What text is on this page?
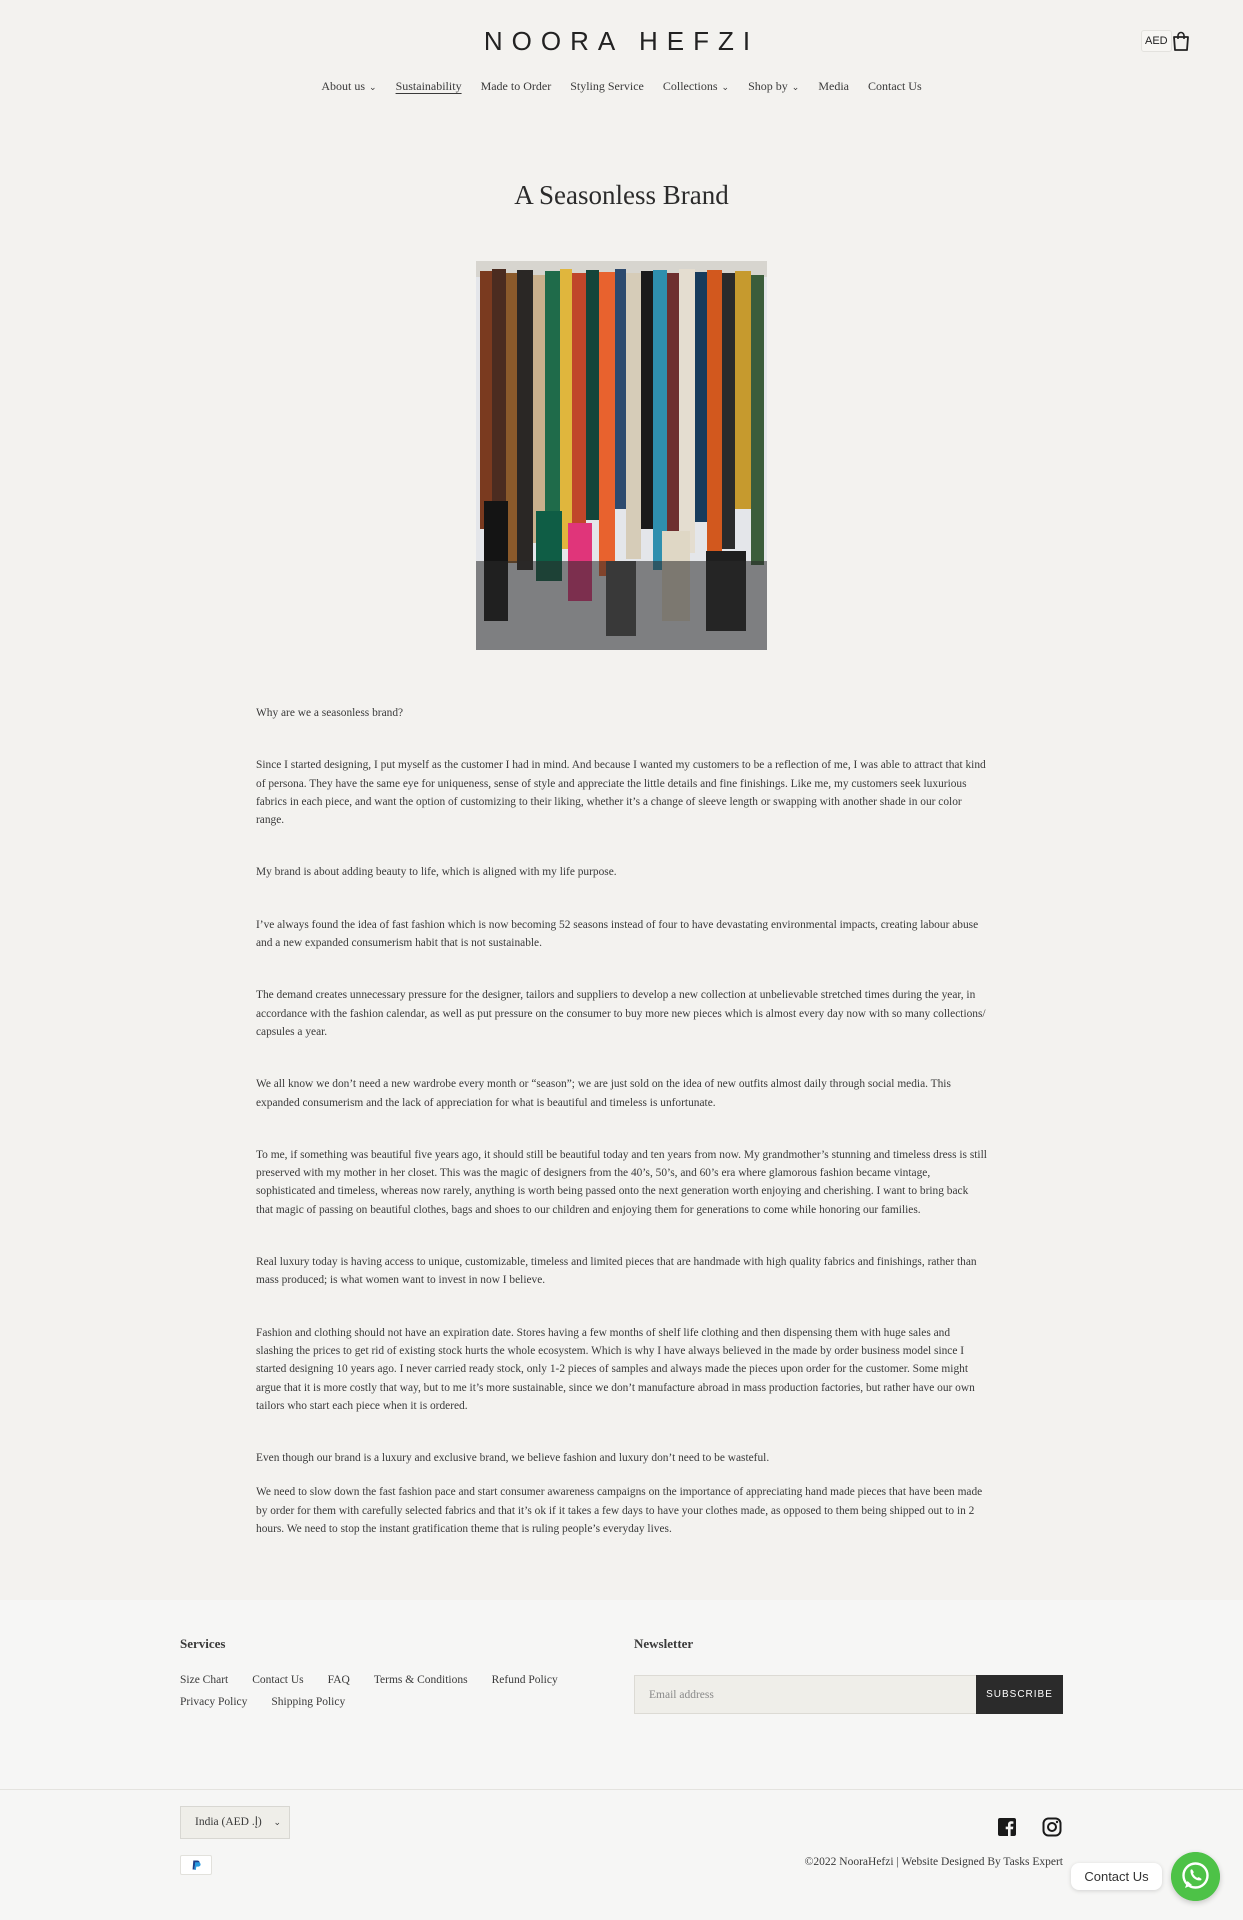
NOORA HEFZI	AED
About us ⌄ Sustainability Made to Order Styling Service Collections ⌄ Shop by ⌄ Media Contact Us
A Seasonless Brand

Why are we a seasonless brand?

Since I started designing, I put myself as the customer I had in mind. And because I wanted my customers to be a reflection of me, I was able to attract that kind of persona. They have the same eye for uniqueness, sense of style and appreciate the little details and fine finishings. Like me, my customers seek luxurious fabrics in each piece, and want the option of customizing to their liking, whether it’s a change of sleeve length or swapping with another shade in our color range.

My brand is about adding beauty to life, which is aligned with my life purpose.

I’ve always found the idea of fast fashion which is now becoming 52 seasons instead of four to have devastating environmental impacts, creating labour abuse and a new expanded consumerism habit that is not sustainable.

The demand creates unnecessary pressure for the designer, tailors and suppliers to develop a new collection at unbelievable stretched times during the year, in accordance with the fashion calendar, as well as put pressure on the consumer to buy more new pieces which is almost every day now with so many collections/ capsules a year.

We all know we don’t need a new wardrobe every month or “season”; we are just sold on the idea of new outfits almost daily through social media. This expanded consumerism and the lack of appreciation for what is beautiful and timeless is unfortunate.

To me, if something was beautiful five years ago, it should still be beautiful today and ten years from now. My grandmother’s stunning and timeless dress is still preserved with my mother in her closet. This was the magic of designers from the 40’s, 50’s, and 60’s era where glamorous fashion became vintage, sophisticated and timeless, whereas now rarely, anything is worth being passed onto the next generation worth enjoying and cherishing. I want to bring back that magic of passing on beautiful clothes, bags and shoes to our children and enjoying them for generations to come while honoring our families.

Real luxury today is having access to unique, customizable, timeless and limited pieces that are handmade with high quality fabrics and finishings, rather than mass produced; is what women want to invest in now I believe.

Fashion and clothing should not have an expiration date. Stores having a few months of shelf life clothing and then dispensing them with huge sales and slashing the prices to get rid of existing stock hurts the whole ecosystem. Which is why I have always believed in the made by order business model since I started designing 10 years ago. I never carried ready stock, only 1-2 pieces of samples and always made the pieces upon order for the customer. Some might argue that it is more costly that way, but to me it’s more sustainable, since we don’t manufacture abroad in mass production factories, but rather have our own tailors who start each piece when it is ordered.

Even though our brand is a luxury and exclusive brand, we believe fashion and luxury don’t need to be wasteful.

We need to slow down the fast fashion pace and start consumer awareness campaigns on the importance of appreciating hand made pieces that have been made by order for them with carefully selected fabrics and that it’s ok if it takes a few days to have your clothes made, as opposed to them being shipped out to in 2 hours. We need to stop the instant gratification theme that is ruling people’s everyday lives.

Services
Size Chart Contact Us FAQ Terms & Conditions Refund Policy
Privacy Policy Shipping Policy
Newsletter
Email address
SUBSCRIBE
India (AED ‎.إ) ⌄
©2022 NooraHefzi | Website Designed By Tasks Expert
Contact Us
